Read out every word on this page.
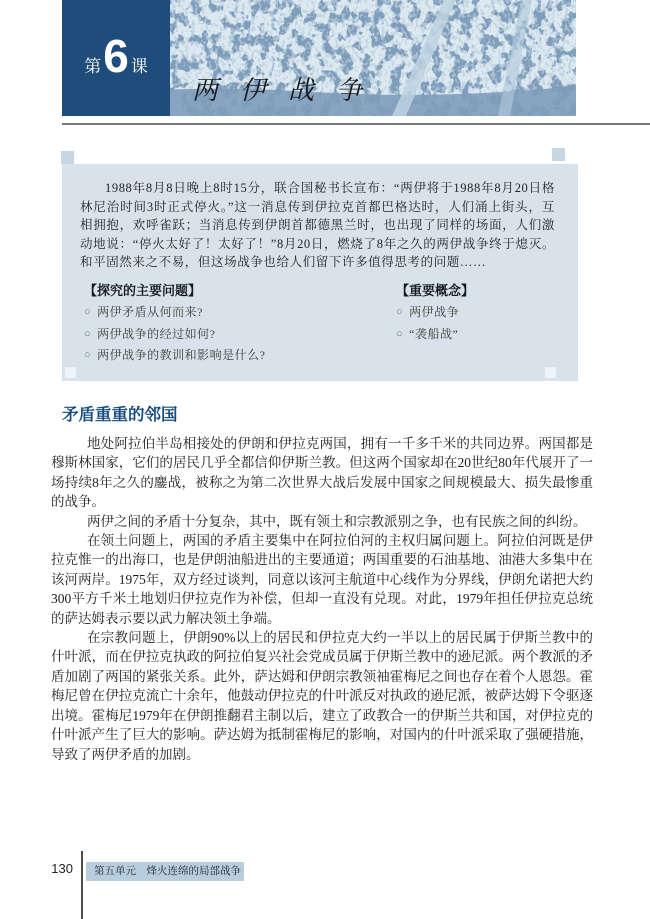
第 6 课
两伊战争
1988年8月8日晚上8时15分，联合国秘书长宣布：“两伊将于1988年8月20日格林尼治时间3时正式停火。”这一消息传到伊拉克首都巴格达时，人们涌上街头，互相拥抱，欢呼雀跃；当消息传到伊朗首都德黑兰时，也出现了同样的场面，人们激动地说：“停火太好了！太好了！”8月20日，燃烧了8年之久的两伊战争终于熄灭。和平固然来之不易，但这场战争也给人们留下许多值得思考的问题……
【探究的主要问题】
○ 两伊矛盾从何而来?
○ 两伊战争的经过如何?
○ 两伊战争的教训和影响是什么?
【重要概念】
○ 两伊战争
○ “袭船战”
矛盾重重的邻国

地处阿拉伯半岛相接处的伊朗和伊拉克两国，拥有一千多千米的共同边界。两国都是穆斯林国家，它们的居民几乎全都信仰伊斯兰教。但这两个国家却在20世纪80年代展开了一场持续8年之久的鏖战，被称之为第二次世界大战后发展中国家之间规模最大、损失最惨重的战争。

两伊之间的矛盾十分复杂，其中，既有领土和宗教派别之争，也有民族之间的纠纷。

在领土问题上，两国的矛盾主要集中在阿拉伯河的主权归属问题上。阿拉伯河既是伊拉克惟一的出海口，也是伊朗油船进出的主要通道；两国重要的石油基地、油港大多集中在该河两岸。1975年，双方经过谈判，同意以该河主航道中心线作为分界线，伊朗允诺把大约300平方千米土地划归伊拉克作为补偿，但却一直没有兑现。对此，1979年担任伊拉克总统的萨达姆表示要以武力解决领土争端。

在宗教问题上，伊朗90%以上的居民和伊拉克大约一半以上的居民属于伊斯兰教中的什叶派，而在伊拉克执政的阿拉伯复兴社会党成员属于伊斯兰教中的逊尼派。两个教派的矛盾加剧了两国的紧张关系。此外，萨达姆和伊朗宗教领袖霍梅尼之间也存在着个人恩怨。霍梅尼曾在伊拉克流亡十余年，他鼓动伊拉克的什叶派反对执政的逊尼派，被萨达姆下令驱逐出境。霍梅尼1979年在伊朗推翻君主制以后，建立了政教合一的伊斯兰共和国，对伊拉克的什叶派产生了巨大的影响。萨达姆为抵制霍梅尼的影响，对国内的什叶派采取了强硬措施，导致了两伊矛盾的加剧。

130	第五单元　烽火连绵的局部战争
